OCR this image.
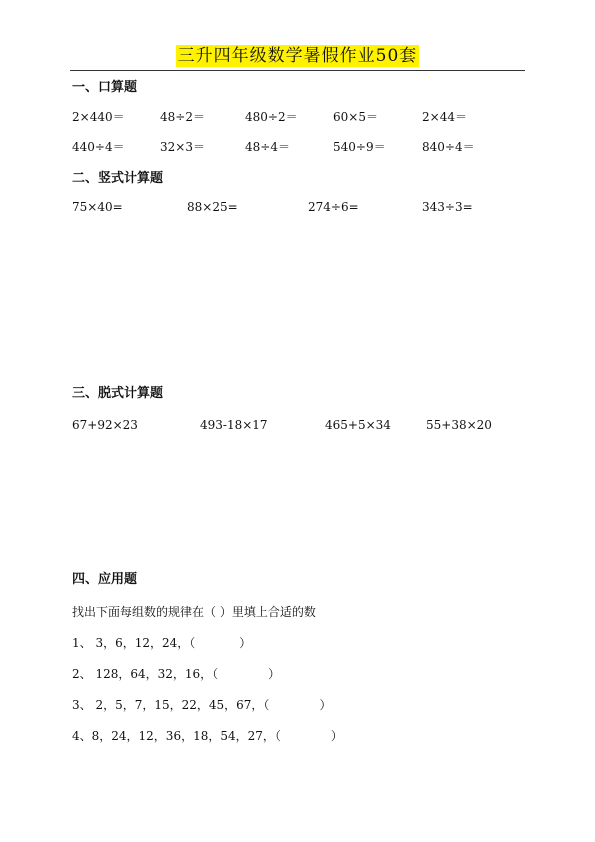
三升四年级数学暑假作业50套
一、口算题
2×440＝	48÷2＝	480÷2＝	60×5＝	2×44＝
440÷4＝	32×3＝	48÷4＝	540÷9＝	840÷4＝
二、竖式计算题
75×40=	88×25=	274÷6=	343÷3=
三、脱式计算题
67+92×23	493-18×17	465+5×34	55+38×20
四、应用题
找出下面每组数的规律在（ ）里填上合适的数
1、 3，6，12，24，（	）
2、 128，64，32，16，（	）
3、 2，5，7，15，22，45，67，（	）
4、8，24，12，36，18，54，27，（	）
